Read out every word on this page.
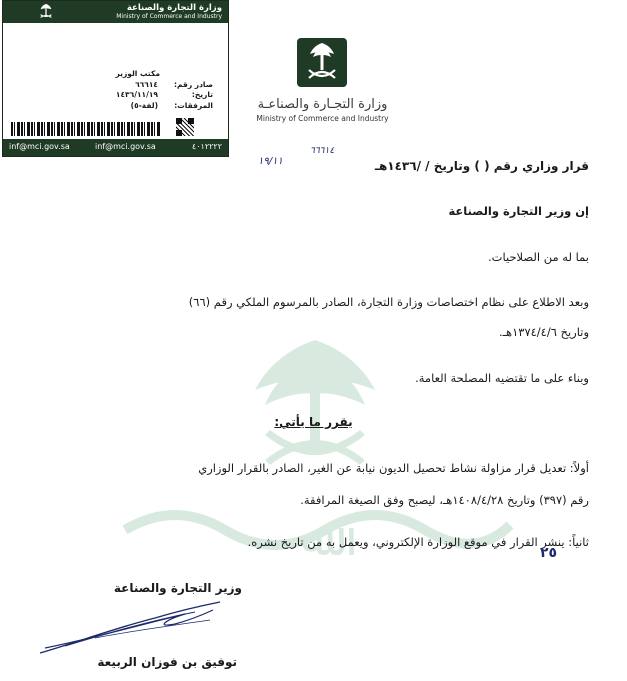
ﷲ
وزارة التجارة والصناعة
Ministry of Commerce and Industry
مكتب الوزير
صادر رقم:
٦٦٦١٤
تاريخ:
١٤٣٦/١١/١٩
المرفقات:
(لفة-٥)
inf@mci.gov.sa	inf@mci.gov.sa	٤٠١٢٢٢٢
وزارة التجـارة والصناعـة
Ministry of Commerce and Industry
٦٦٦١٤
١٩/١١	قرار وزاري رقم ( ) وتاريخ / /١٤٣٦هـ
إن وزير التجارة والصناعة
بما له من الصلاحيات.
وبعد الاطلاع على نظام اختصاصات وزارة التجارة، الصادر بالمرسوم الملكي رقم (٦٦)
وتاريخ ١٣٧٤/٤/٦هـ.
وبناء على ما تقتضيه المصلحة العامة.
يقرر ما يأتي:
أولاً: تعديل قرار مزاولة نشاط تحصيل الديون نيابة عن الغير، الصادر بالقرار الوزاري
رقم (٣٩٧) وتاريخ ١٤٠٨/٤/٢٨هـ، ليصبح وفق الصيغة المرافقة.
ثانياً: ينشر القرار في موقع الوزارة الإلكتروني، ويعمل به من تاريخ نشره.
٢٥
وزير التجارة والصناعة
توفيق بن فوزان الربيعة
